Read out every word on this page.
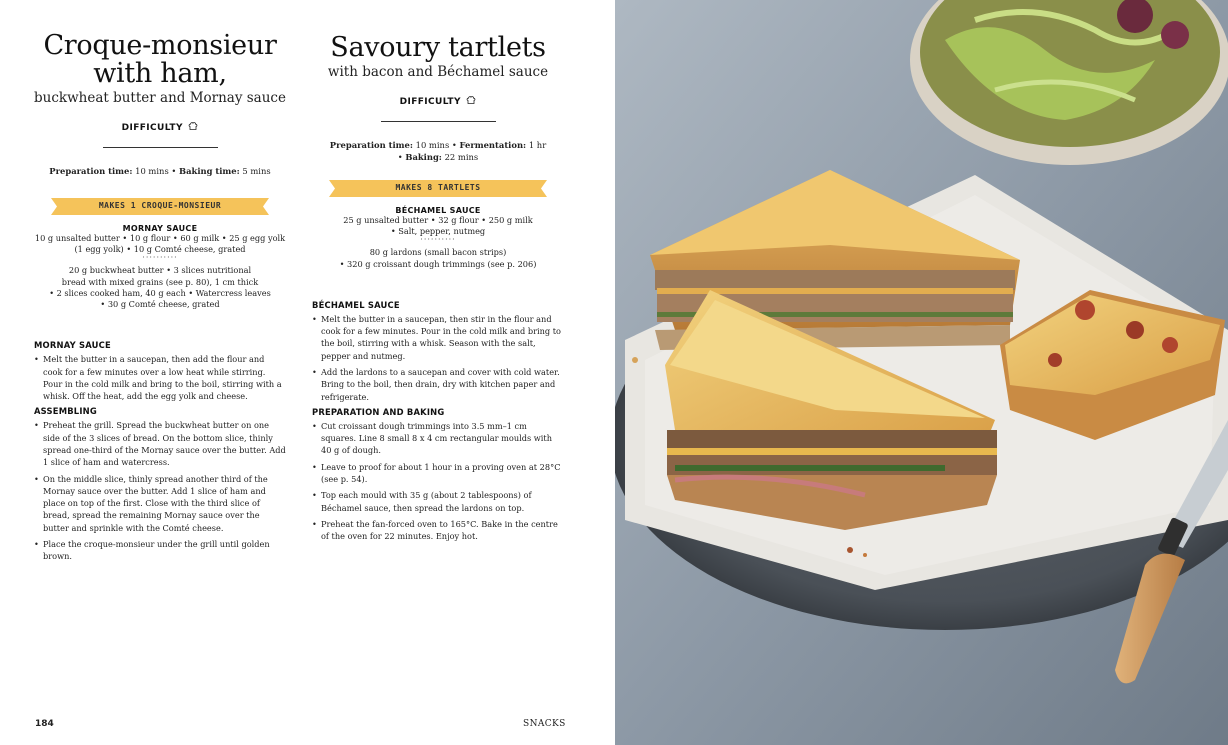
Croque-monsieur
with ham,
buckwheat butter and Mornay sauce
DIFFICULTY
Preparation time: 10 mins • Baking time: 5 mins
MAKES 1 CROQUE-MONSIEUR
MORNAY SAUCE
10 g unsalted butter • 10 g flour • 60 g milk • 25 g egg yolk
(1 egg yolk) • 10 g Comté cheese, grated
··········
20 g buckwheat butter • 3 slices nutritional
bread with mixed grains (see p. 80), 1 cm thick
• 2 slices cooked ham, 40 g each • Watercress leaves
• 30 g Comté cheese, grated
MORNAY SAUCE
• Melt the butter in a saucepan, then add the flour and cook for a few minutes over a low heat while stirring. Pour in the cold milk and bring to the boil, stirring with a whisk. Off the heat, add the egg yolk and cheese.
ASSEMBLING
• Preheat the grill. Spread the buckwheat butter on one side of the 3 slices of bread. On the bottom slice, thinly spread one-third of the Mornay sauce over the butter. Add 1 slice of ham and watercress.
• On the middle slice, thinly spread another third of the Mornay sauce over the butter. Add 1 slice of ham and place on top of the first. Close with the third slice of bread, spread the remaining Mornay sauce over the butter and sprinkle with the Comté cheese.
• Place the croque-monsieur under the grill until golden brown.
Savoury tartlets
with bacon and Béchamel sauce
DIFFICULTY
Preparation time: 10 mins • Fermentation: 1 hr
• Baking: 22 mins
MAKES 8 TARTLETS
BÉCHAMEL SAUCE
25 g unsalted butter • 32 g flour • 250 g milk
• Salt, pepper, nutmeg
··········
80 g lardons (small bacon strips)
• 320 g croissant dough trimmings (see p. 206)
BÉCHAMEL SAUCE
• Melt the butter in a saucepan, then stir in the flour and cook for a few minutes. Pour in the cold milk and bring to the boil, stirring with a whisk. Season with the salt, pepper and nutmeg.
• Add the lardons to a saucepan and cover with cold water. Bring to the boil, then drain, dry with kitchen paper and refrigerate.
PREPARATION AND BAKING
• Cut croissant dough trimmings into 3.5 mm–1 cm squares. Line 8 small 8 x 4 cm rectangular moulds with 40 g of dough.
• Leave to proof for about 1 hour in a proving oven at 28°C (see p. 54).
• Top each mould with 35 g (about 2 tablespoons) of Béchamel sauce, then spread the lardons on top.
• Preheat the fan-forced oven to 165°C. Bake in the centre of the oven for 22 minutes. Enjoy hot.
184	SNACKS
